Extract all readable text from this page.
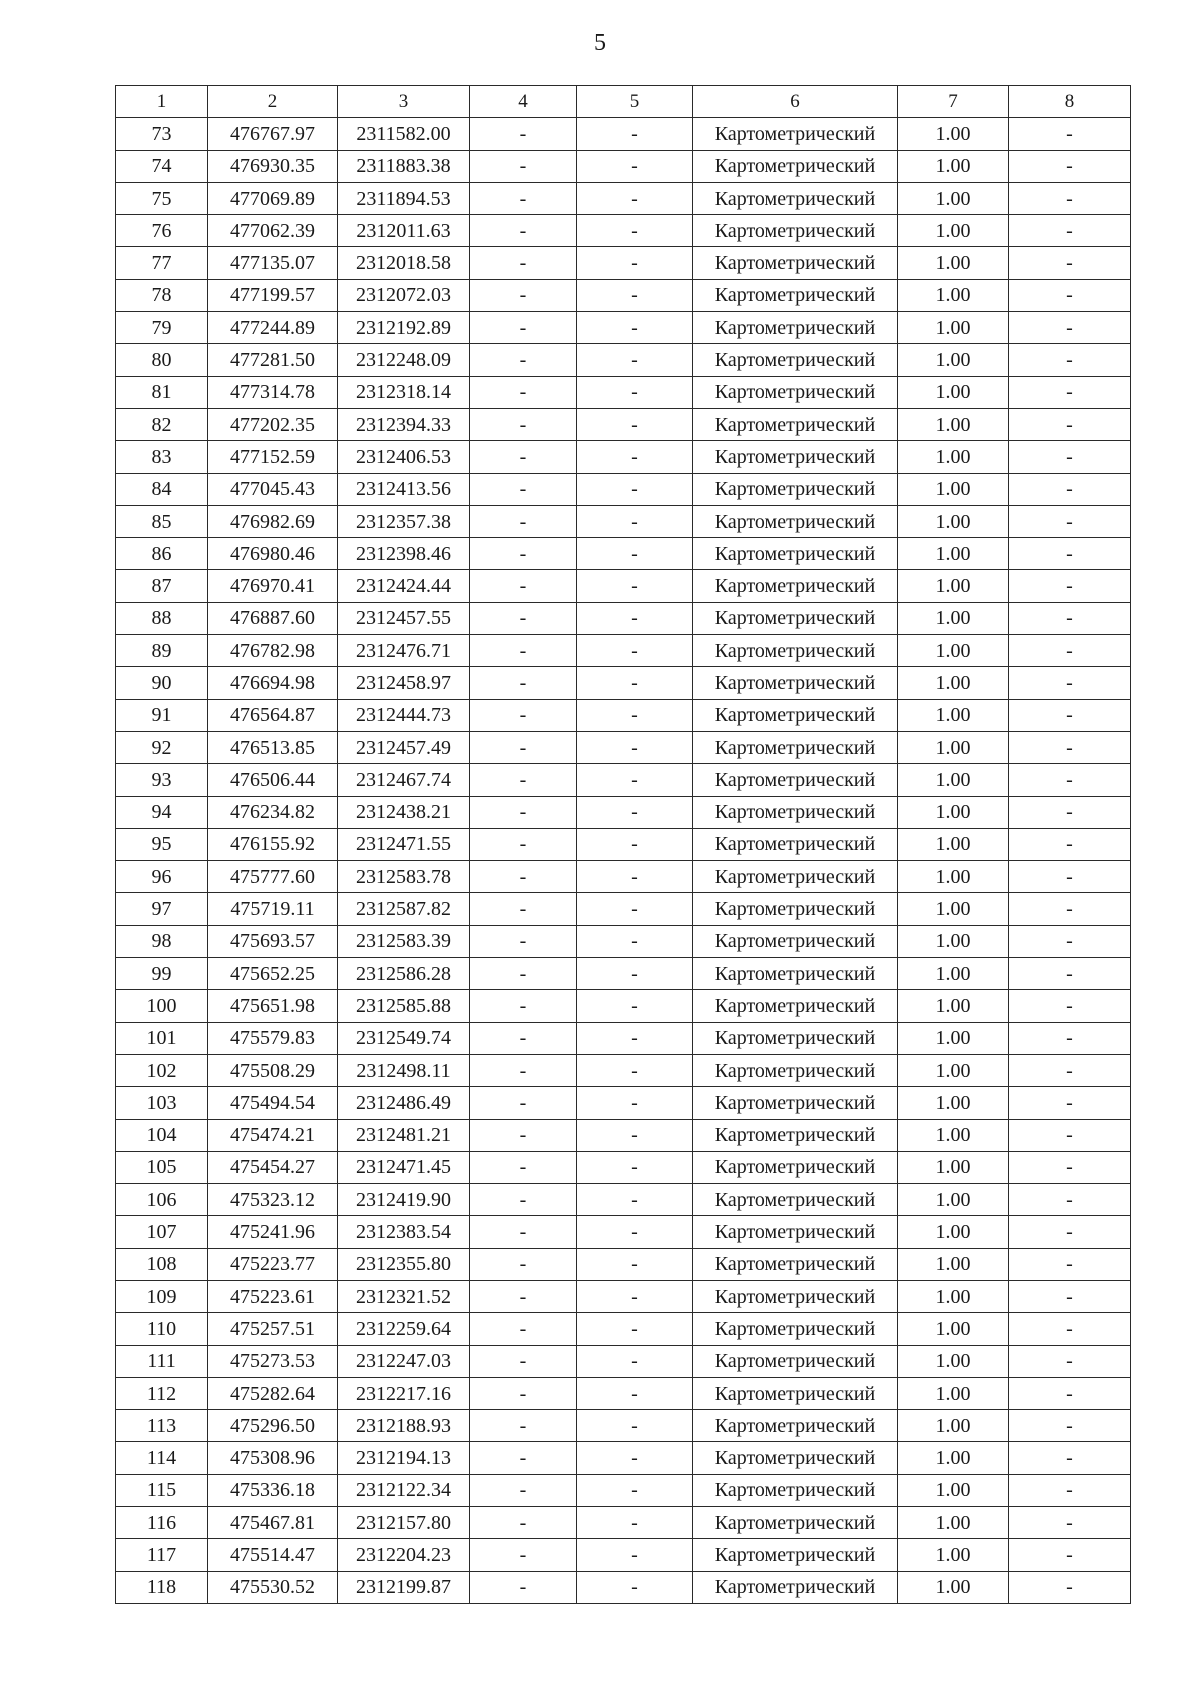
5
1	2	3	4	5	6	7	8
73	476767.97	2311582.00	-	-	Картометрический	1.00	-
74	476930.35	2311883.38	-	-	Картометрический	1.00	-
75	477069.89	2311894.53	-	-	Картометрический	1.00	-
76	477062.39	2312011.63	-	-	Картометрический	1.00	-
77	477135.07	2312018.58	-	-	Картометрический	1.00	-
78	477199.57	2312072.03	-	-	Картометрический	1.00	-
79	477244.89	2312192.89	-	-	Картометрический	1.00	-
80	477281.50	2312248.09	-	-	Картометрический	1.00	-
81	477314.78	2312318.14	-	-	Картометрический	1.00	-
82	477202.35	2312394.33	-	-	Картометрический	1.00	-
83	477152.59	2312406.53	-	-	Картометрический	1.00	-
84	477045.43	2312413.56	-	-	Картометрический	1.00	-
85	476982.69	2312357.38	-	-	Картометрический	1.00	-
86	476980.46	2312398.46	-	-	Картометрический	1.00	-
87	476970.41	2312424.44	-	-	Картометрический	1.00	-
88	476887.60	2312457.55	-	-	Картометрический	1.00	-
89	476782.98	2312476.71	-	-	Картометрический	1.00	-
90	476694.98	2312458.97	-	-	Картометрический	1.00	-
91	476564.87	2312444.73	-	-	Картометрический	1.00	-
92	476513.85	2312457.49	-	-	Картометрический	1.00	-
93	476506.44	2312467.74	-	-	Картометрический	1.00	-
94	476234.82	2312438.21	-	-	Картометрический	1.00	-
95	476155.92	2312471.55	-	-	Картометрический	1.00	-
96	475777.60	2312583.78	-	-	Картометрический	1.00	-
97	475719.11	2312587.82	-	-	Картометрический	1.00	-
98	475693.57	2312583.39	-	-	Картометрический	1.00	-
99	475652.25	2312586.28	-	-	Картометрический	1.00	-
100	475651.98	2312585.88	-	-	Картометрический	1.00	-
101	475579.83	2312549.74	-	-	Картометрический	1.00	-
102	475508.29	2312498.11	-	-	Картометрический	1.00	-
103	475494.54	2312486.49	-	-	Картометрический	1.00	-
104	475474.21	2312481.21	-	-	Картометрический	1.00	-
105	475454.27	2312471.45	-	-	Картометрический	1.00	-
106	475323.12	2312419.90	-	-	Картометрический	1.00	-
107	475241.96	2312383.54	-	-	Картометрический	1.00	-
108	475223.77	2312355.80	-	-	Картометрический	1.00	-
109	475223.61	2312321.52	-	-	Картометрический	1.00	-
110	475257.51	2312259.64	-	-	Картометрический	1.00	-
111	475273.53	2312247.03	-	-	Картометрический	1.00	-
112	475282.64	2312217.16	-	-	Картометрический	1.00	-
113	475296.50	2312188.93	-	-	Картометрический	1.00	-
114	475308.96	2312194.13	-	-	Картометрический	1.00	-
115	475336.18	2312122.34	-	-	Картометрический	1.00	-
116	475467.81	2312157.80	-	-	Картометрический	1.00	-
117	475514.47	2312204.23	-	-	Картометрический	1.00	-
118	475530.52	2312199.87	-	-	Картометрический	1.00	-
